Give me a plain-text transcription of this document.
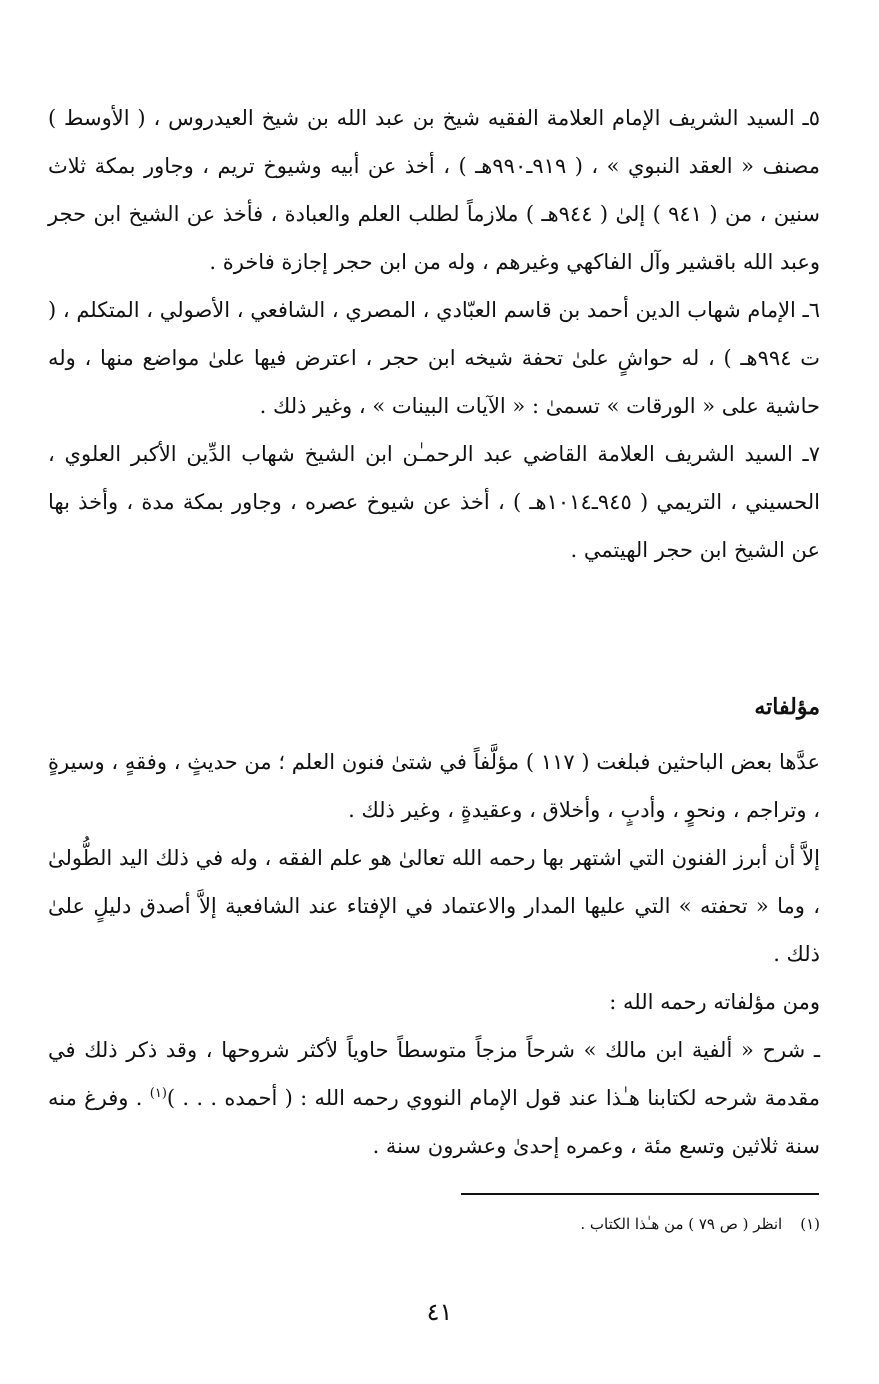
٥ـ السيد الشريف الإمام العلامة الفقيه شيخ بن عبد الله بن شيخ العيدروس ، ( الأوسط ) مصنف « العقد النبوي » ، ( ٩١٩ـ٩٩٠هـ ) ، أخذ عن أبيه وشيوخ تريم ، وجاور بمكة ثلاث سنين ، من ( ٩٤١ ) إلىٰ ( ٩٤٤هـ ) ملازماً لطلب العلم والعبادة ، فأخذ عن الشيخ ابن حجر وعبد الله باقشير وآل الفاكهي وغيرهم ، وله من ابن حجر إجازة فاخرة .

٦ـ الإمام شهاب الدين أحمد بن قاسم العبّادي ، المصري ، الشافعي ، الأصولي ، المتكلم ، ( ت ٩٩٤هـ ) ، له حواشٍ علىٰ تحفة شيخه ابن حجر ، اعترض فيها علىٰ مواضع منها ، وله حاشية على « الورقات » تسمىٰ : « الآيات البينات » ، وغير ذلك .

٧ـ السيد الشريف العلامة القاضي عبد الرحمـٰن ابن الشيخ شهاب الدِّين الأكبر العلوي ، الحسيني ، التريمي ( ٩٤٥ـ١٠١٤هـ ) ، أخذ عن شيوخ عصره ، وجاور بمكة مدة ، وأخذ بها عن الشيخ ابن حجر الهيتمي .

مؤلفاته

عدَّها بعض الباحثين فبلغت ( ١١٧ ) مؤلَّفاً في شتىٰ فنون العلم ؛ من حديثٍ ، وفقهٍ ، وسيرةٍ ، وتراجم ، ونحوٍ ، وأدبٍ ، وأخلاق ، وعقيدةٍ ، وغير ذلك .

إلاَّ أن أبرز الفنون التي اشتهر بها رحمه الله تعالىٰ هو علم الفقه ، وله في ذلك اليد الطُّولىٰ ، وما « تحفته » التي عليها المدار والاعتماد في الإفتاء عند الشافعية إلاَّ أصدق دليلٍ علىٰ ذلك .

ومن مؤلفاته رحمه الله :

ـ شرح « ألفية ابن مالك » شرحاً مزجاً متوسطاً حاوياً لأكثر شروحها ، وقد ذكر ذلك في مقدمة شرحه لكتابنا هـٰذا عند قول الإمام النووي رحمه الله : ( أحمده . . . )$^{(١)}$ . وفرغ منه سنة ثلاثين وتسع مئة ، وعمره إحدىٰ وعشرون سنة .

(١)انظر ( ص ٧٩ ) من هـٰذا الكتاب .
٤١
